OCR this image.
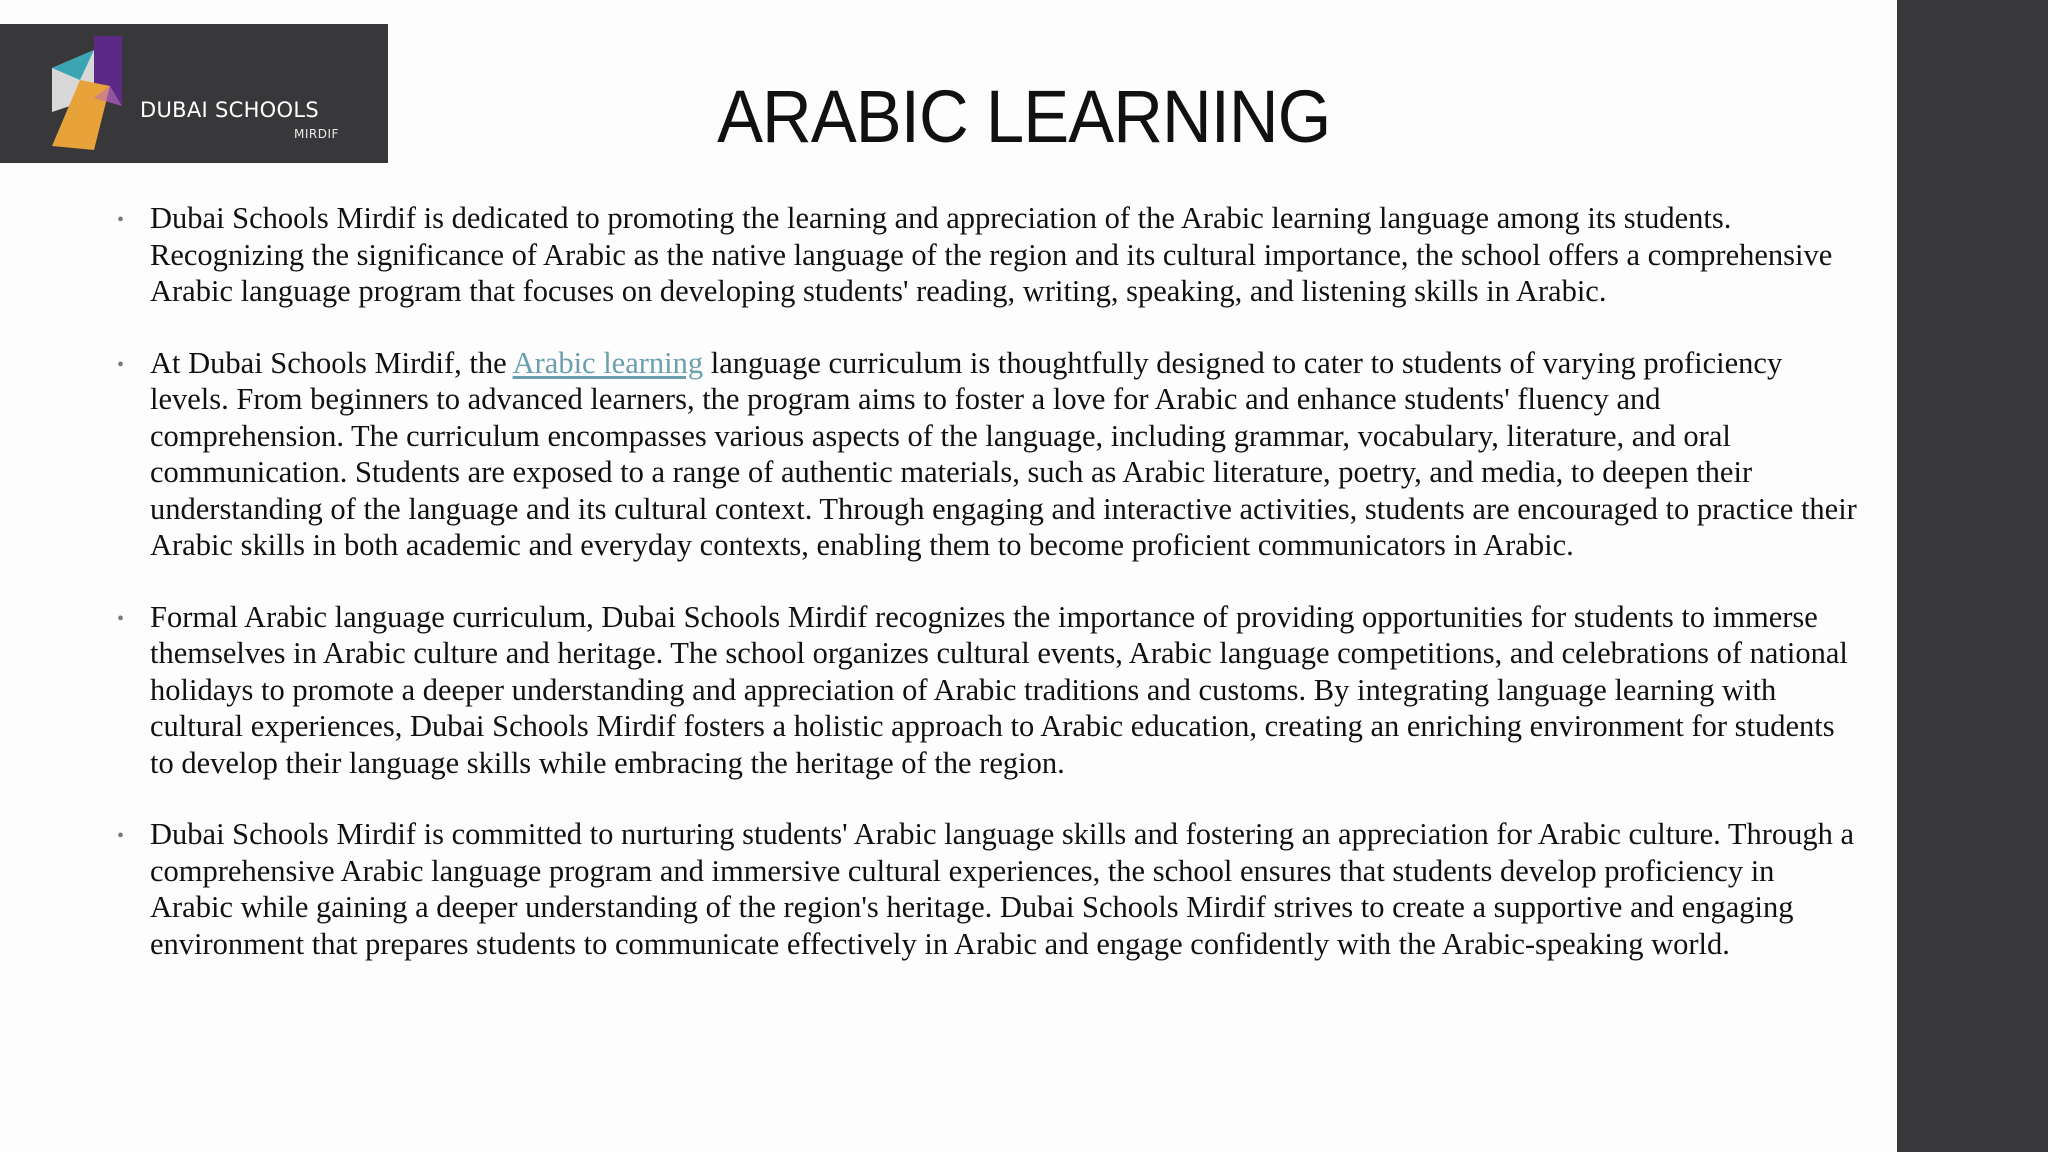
DUBAI SCHOOLS
MIRDIF	ARABIC LEARNING

• Dubai Schools Mirdif is dedicated to promoting the learning and appreciation of the Arabic learning language among its students. Recognizing the significance of Arabic as the native language of the region and its cultural importance, the school offers a comprehensive Arabic language program that focuses on developing students' reading, writing, speaking, and listening skills in Arabic.

• At Dubai Schools Mirdif, the Arabic learning language curriculum is thoughtfully designed to cater to students of varying proficiency levels. From beginners to advanced learners, the program aims to foster a love for Arabic and enhance students' fluency and comprehension. The curriculum encompasses various aspects of the language, including grammar, vocabulary, literature, and oral communication. Students are exposed to a range of authentic materials, such as Arabic literature, poetry, and media, to deepen their understanding of the language and its cultural context. Through engaging and interactive activities, students are encouraged to practice their Arabic skills in both academic and everyday contexts, enabling them to become proficient communicators in Arabic.

• Formal Arabic language curriculum, Dubai Schools Mirdif recognizes the importance of providing opportunities for students to immerse themselves in Arabic culture and heritage. The school organizes cultural events, Arabic language competitions, and celebrations of national holidays to promote a deeper understanding and appreciation of Arabic traditions and customs. By integrating language learning with cultural experiences, Dubai Schools Mirdif fosters a holistic approach to Arabic education, creating an enriching environment for students to develop their language skills while embracing the heritage of the region.

• Dubai Schools Mirdif is committed to nurturing students' Arabic language skills and fostering an appreciation for Arabic culture. Through a comprehensive Arabic language program and immersive cultural experiences, the school ensures that students develop proficiency in Arabic while gaining a deeper understanding of the region's heritage. Dubai Schools Mirdif strives to create a supportive and engaging environment that prepares students to communicate effectively in Arabic and engage confidently with the Arabic-speaking world.
